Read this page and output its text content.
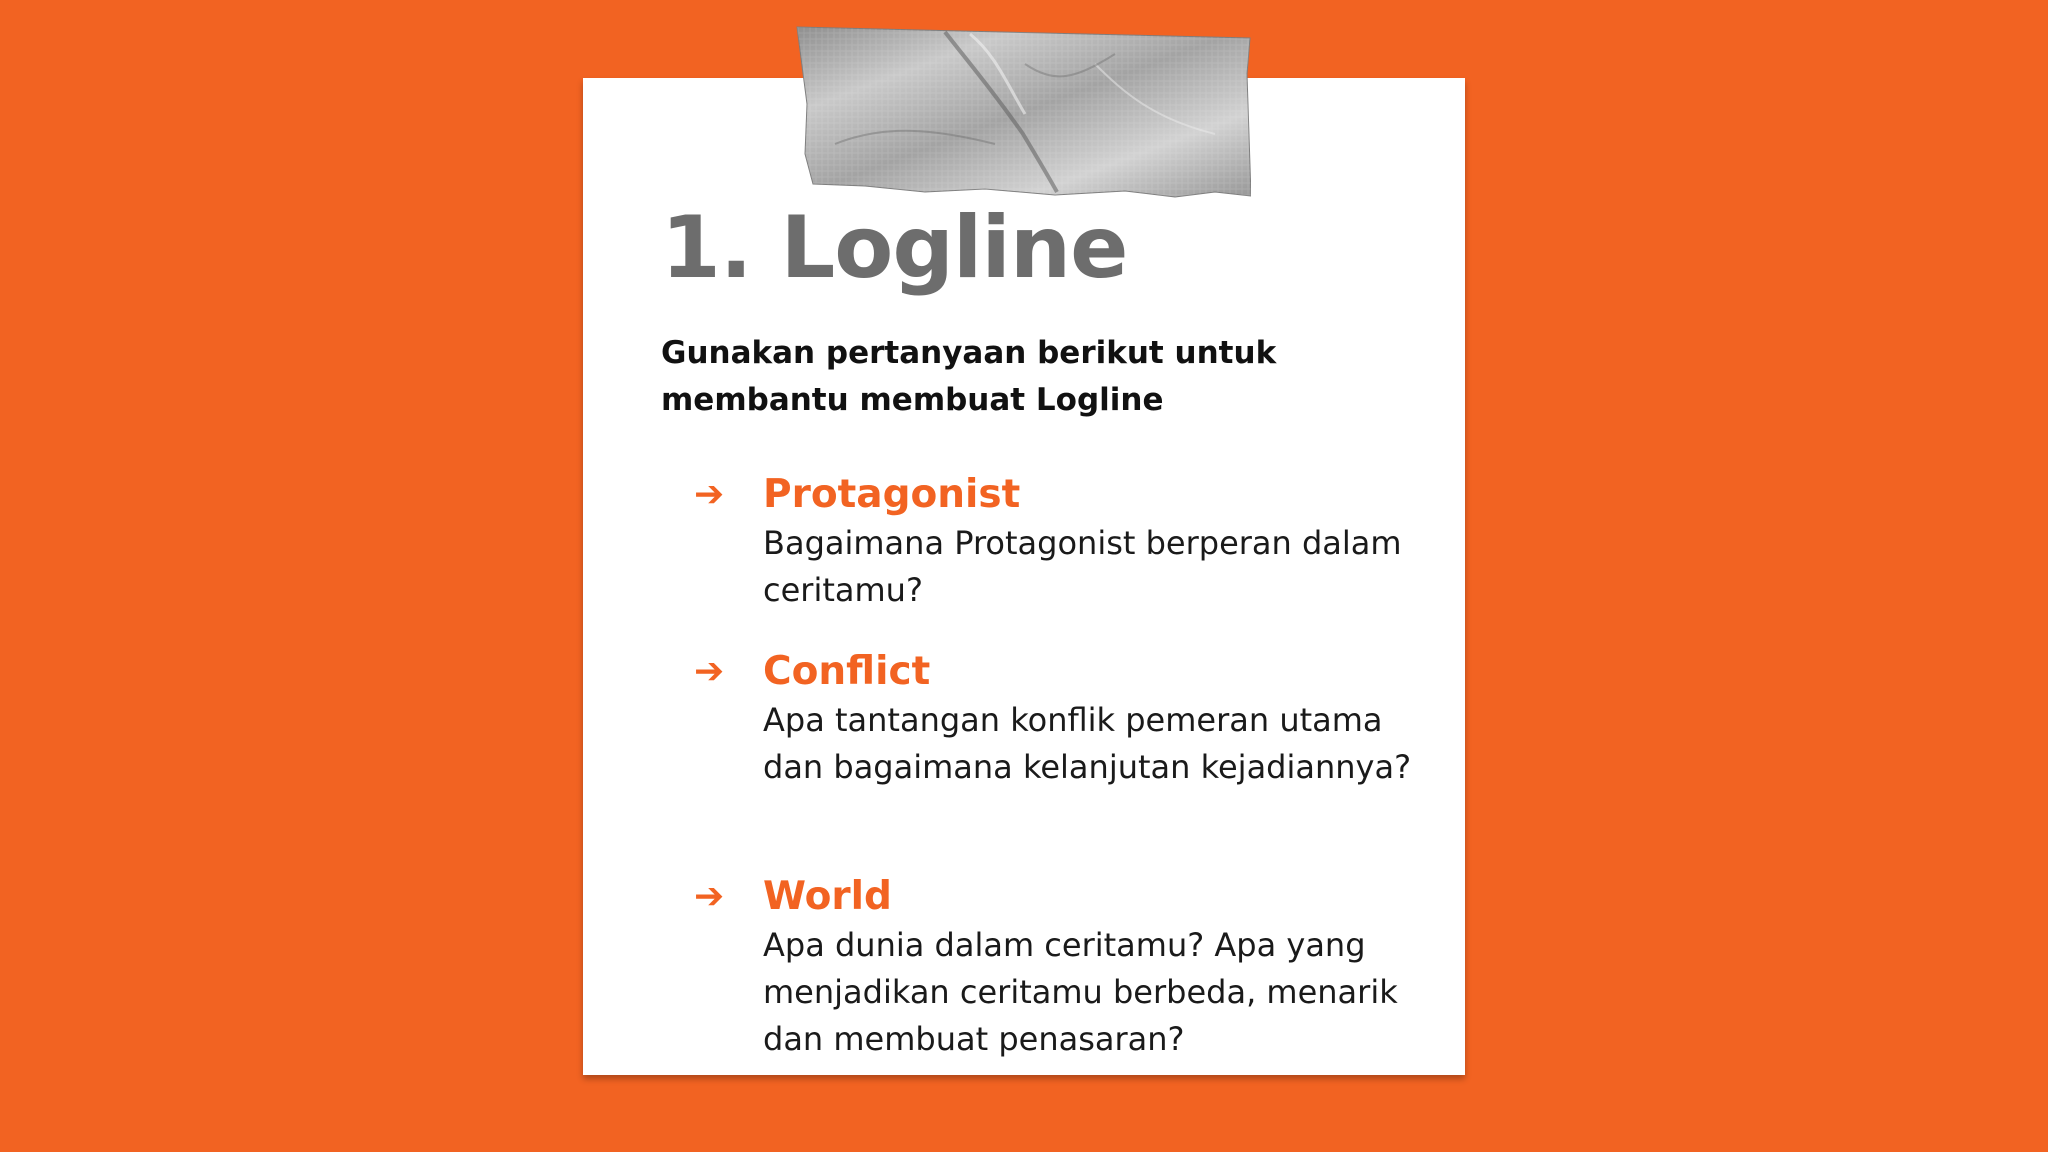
1. Logline

Gunakan pertanyaan berikut untuk membantu membuat Logline

➔ Protagonist

Bagaimana Protagonist berperan dalam ceritamu?

➔ Conflict

Apa tantangan konflik pemeran utama dan bagaimana kelanjutan kejadiannya?

➔ World

Apa dunia dalam ceritamu? Apa yang menjadikan ceritamu berbeda, menarik dan membuat penasaran?
